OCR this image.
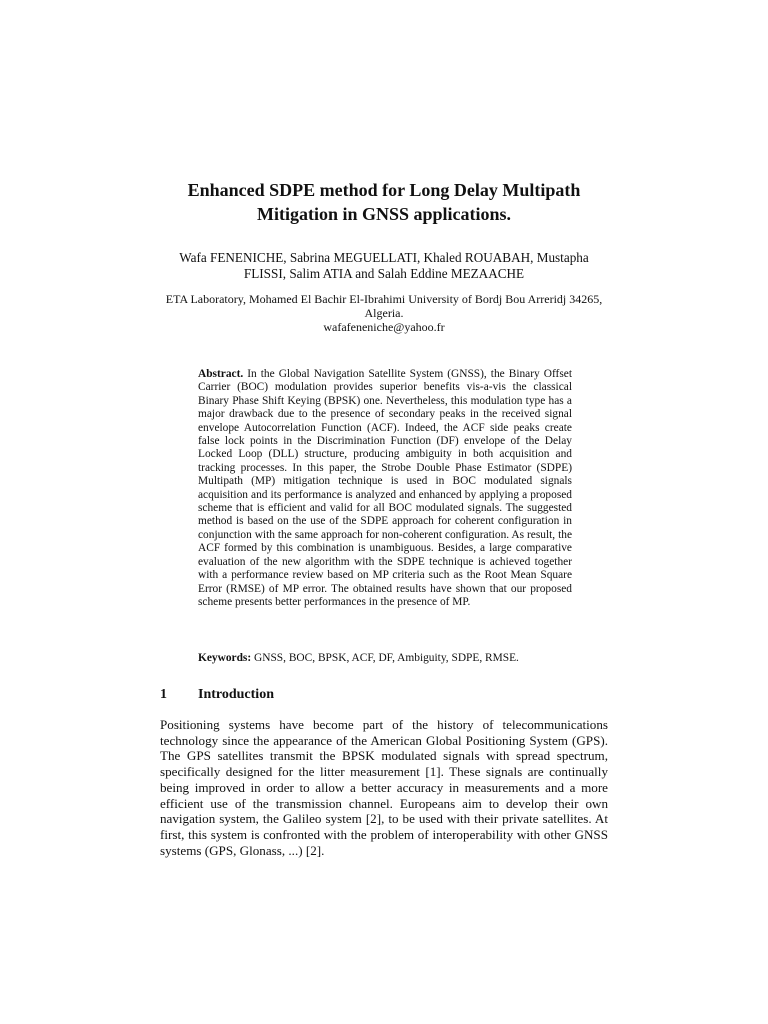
Enhanced SDPE method for Long Delay Multipath Mitigation in GNSS applications.

Wafa FENENICHE, Sabrina MEGUELLATI, Khaled ROUABAH, Mustapha FLISSI, Salim ATIA and Salah Eddine MEZAACHE

ETA Laboratory, Mohamed El Bachir El-Ibrahimi University of Bordj Bou Arreridj 34265, Algeria.
wafafeneniche@yahoo.fr

Abstract. In the Global Navigation Satellite System (GNSS), the Binary Offset Carrier (BOC) modulation provides superior benefits vis-a-vis the classical Binary Phase Shift Keying (BPSK) one. Nevertheless, this modulation type has a major drawback due to the presence of secondary peaks in the received signal envelope Autocorrelation Function (ACF). Indeed, the ACF side peaks create false lock points in the Discrimination Function (DF) envelope of the Delay Locked Loop (DLL) structure, producing ambiguity in both acquisition and tracking processes. In this paper, the Strobe Double Phase Estimator (SDPE) Multipath (MP) mitigation technique is used in BOC modulated signals acquisition and its performance is analyzed and enhanced by applying a proposed scheme that is efficient and valid for all BOC modulated signals. The suggested method is based on the use of the SDPE approach for coherent configuration in conjunction with the same approach for non-coherent configuration. As result, the ACF formed by this combination is unambiguous. Besides, a large comparative evaluation of the new algorithm with the SDPE technique is achieved together with a performance review based on MP criteria such as the Root Mean Square Error (RMSE) of MP error. The obtained results have shown that our proposed scheme presents better performances in the presence of MP.

Keywords: GNSS, BOC, BPSK, ACF, DF, Ambiguity, SDPE, RMSE.

1 Introduction

Positioning systems have become part of the history of telecommunications technology since the appearance of the American Global Positioning System (GPS). The GPS satellites transmit the BPSK modulated signals with spread spectrum, specifically designed for the litter measurement [1]. These signals are continually being improved in order to allow a better accuracy in measurements and a more efficient use of the transmission channel. Europeans aim to develop their own navigation system, the Galileo system [2], to be used with their private satellites. At first, this system is confronted with the problem of interoperability with other GNSS systems (GPS, Glonass, ...) [2].
